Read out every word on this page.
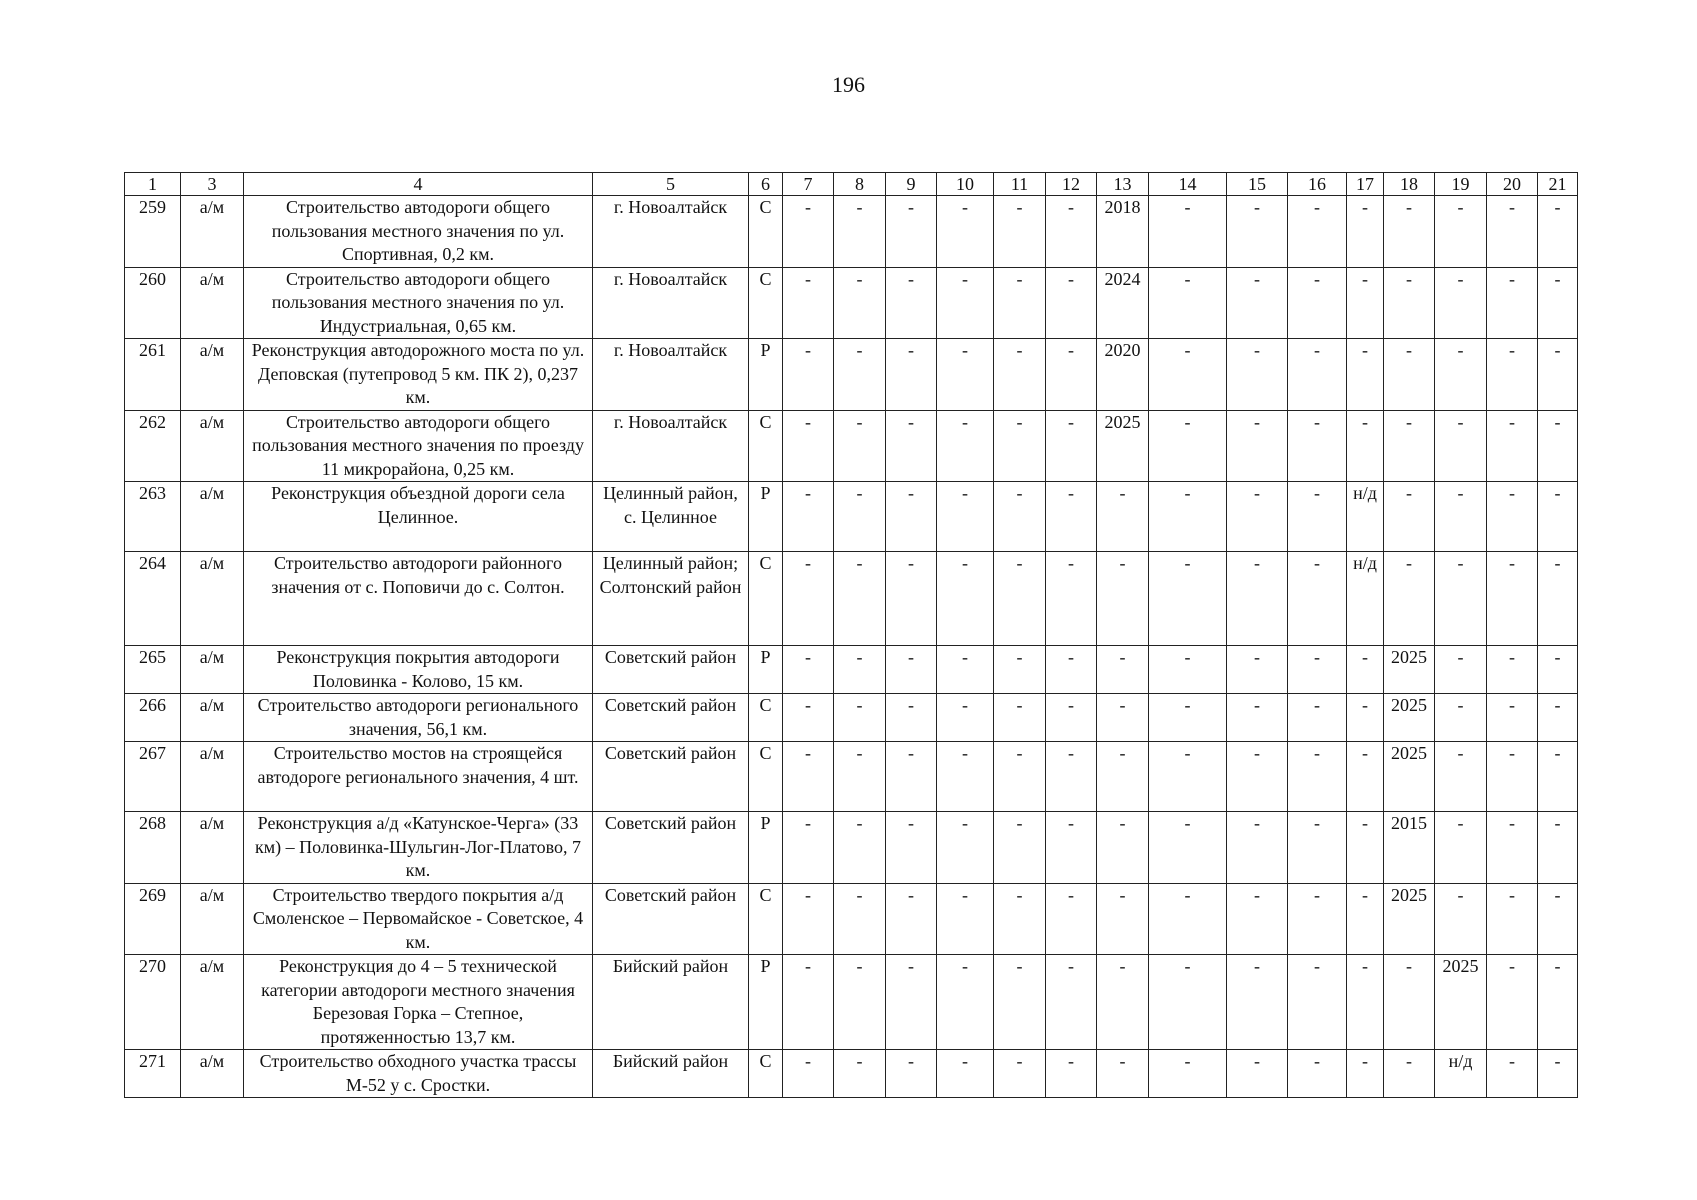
196
1	3	4	5	6	7	8	9	10	11	12	13	14	15	16	17	18	19	20	21
259	а/м	Строительство автодороги общего пользования местного значения по ул. Спортивная, 0,2 км.	г. Новоалтайск	С	-	-	-	-	-	-	2018	-	-	-	-	-	-	-	-
260	а/м	Строительство автодороги общего пользования местного значения по ул. Индустриальная, 0,65 км.	г. Новоалтайск	С	-	-	-	-	-	-	2024	-	-	-	-	-	-	-	-
261	а/м	Реконструкция автодорожного моста по ул. Деповская (путепровод 5 км. ПК 2), 0,237 км.	г. Новоалтайск	Р	-	-	-	-	-	-	2020	-	-	-	-	-	-	-	-
262	а/м	Строительство автодороги общего пользования местного значения по проезду 11 микрорайона, 0,25 км.	г. Новоалтайск	С	-	-	-	-	-	-	2025	-	-	-	-	-	-	-	-
263	а/м	Реконструкция объездной дороги села Целинное.	Целинный район, с. Целинное	Р	-	-	-	-	-	-	-	-	-	-	н/д	-	-	-	-
264	а/м	Строительство автодороги районного значения от с. Поповичи до с. Солтон.	Целинный район; Солтонский район	С	-	-	-	-	-	-	-	-	-	-	н/д	-	-	-	-
265	а/м	Реконструкция покрытия автодороги Половинка - Колово, 15 км.	Советский район	Р	-	-	-	-	-	-	-	-	-	-	-	2025	-	-	-
266	а/м	Строительство автодороги регионального значения, 56,1 км.	Советский район	С	-	-	-	-	-	-	-	-	-	-	-	2025	-	-	-
267	а/м	Строительство мостов на строящейся автодороге регионального значения, 4 шт.	Советский район	С	-	-	-	-	-	-	-	-	-	-	-	2025	-	-	-
268	а/м	Реконструкция а/д «Катунское-Черга» (33 км) – Половинка-Шульгин-Лог-Платово, 7 км.	Советский район	Р	-	-	-	-	-	-	-	-	-	-	-	2015	-	-	-
269	а/м	Строительство твердого покрытия а/д Смоленское – Первомайское - Советское, 4 км.	Советский район	С	-	-	-	-	-	-	-	-	-	-	-	2025	-	-	-
270	а/м	Реконструкция до 4 – 5 технической категории автодороги местного значения Березовая Горка – Степное, протяженностью 13,7 км.	Бийский район	Р	-	-	-	-	-	-	-	-	-	-	-	-	2025	-	-
271	а/м	Строительство обходного участка трассы М-52 у с. Сростки.	Бийский район	С	-	-	-	-	-	-	-	-	-	-	-	-	н/д	-	-
